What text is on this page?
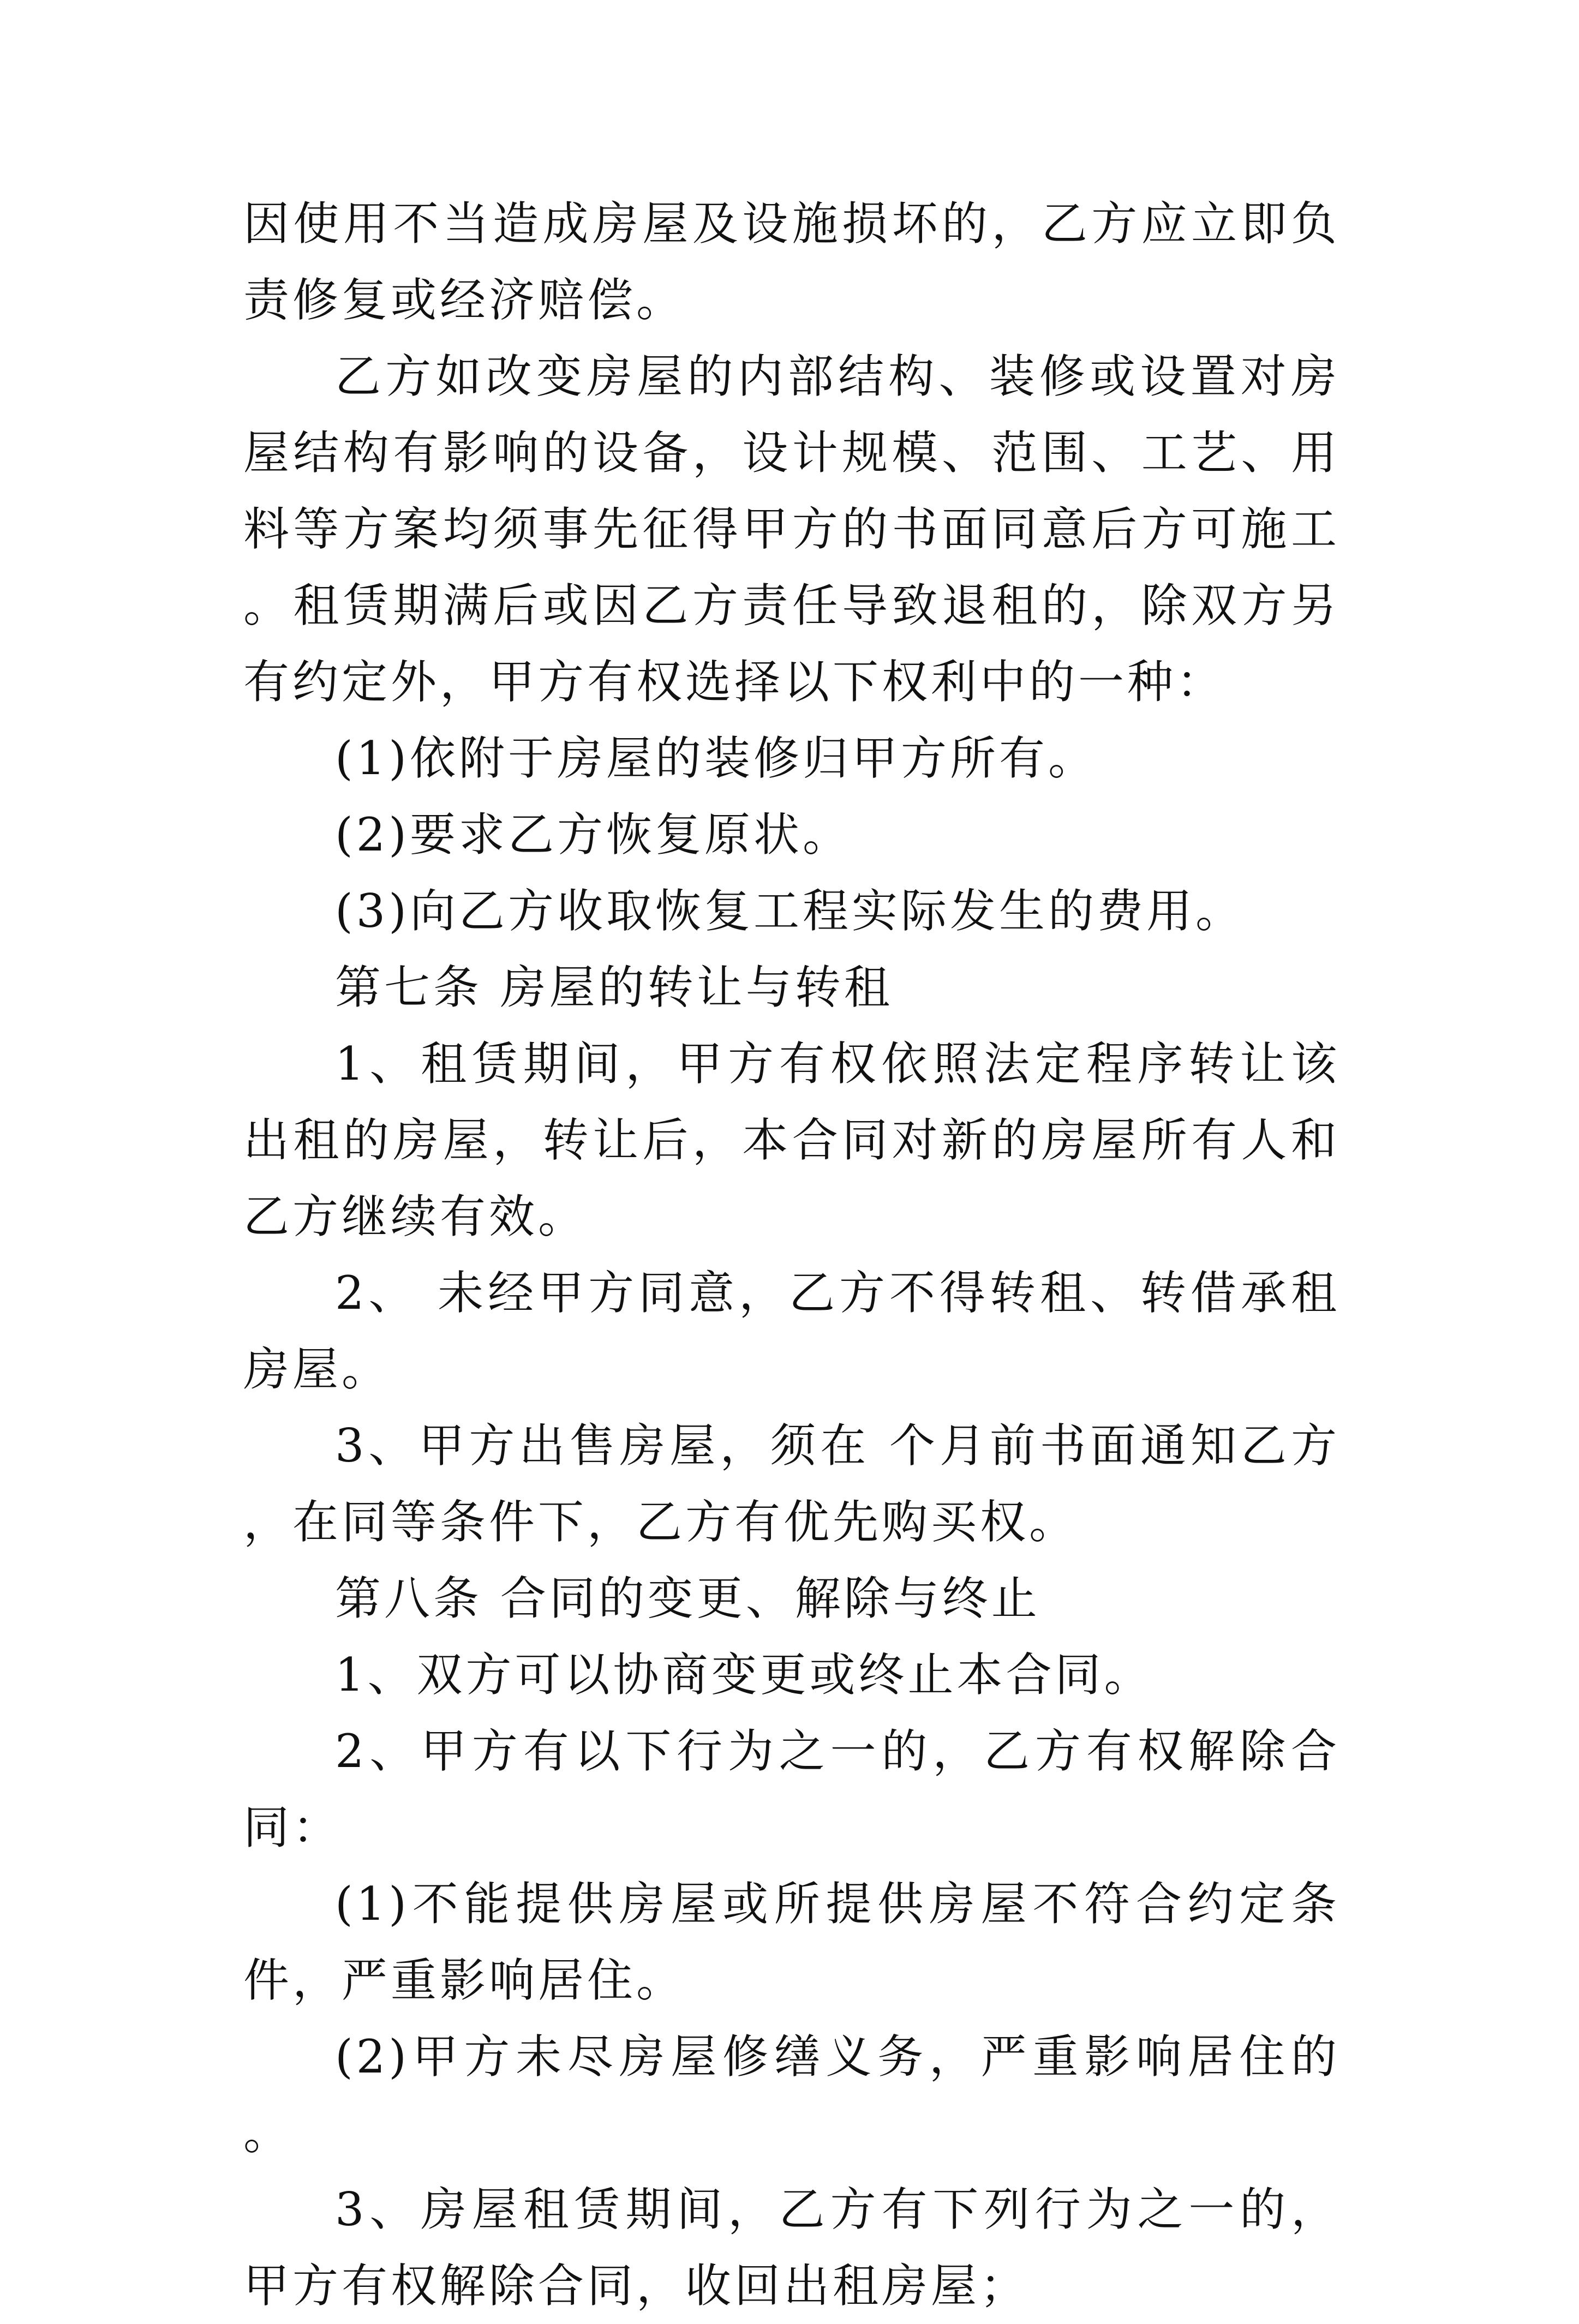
因使用不当造成房屋及设施损坏的，乙方应立即负责修复或经济赔偿。

乙方如改变房屋的内部结构、装修或设置对房屋结构有影响的设备，设计规模、范围、工艺、用料等方案均须事先征得甲方的书面同意后方可施工。租赁期满后或因乙方责任导致退租的，除双方另有约定外，甲方有权选择以下权利中的一种：

(1)依附于房屋的装修归甲方所有。

(2)要求乙方恢复原状。

(3)向乙方收取恢复工程实际发生的费用。

第七条 房屋的转让与转租

1、租赁期间，甲方有权依照法定程序转让该出租的房屋，转让后，本合同对新的房屋所有人和乙方继续有效。

2、 未经甲方同意，乙方不得转租、转借承租房屋。

3、甲方出售房屋，须在 个月前书面通知乙方，在同等条件下，乙方有优先购买权。

第八条 合同的变更、解除与终止

1、双方可以协商变更或终止本合同。

2、甲方有以下行为之一的，乙方有权解除合同：

(1)不能提供房屋或所提供房屋不符合约定条件，严重影响居住。

(2)甲方未尽房屋修缮义务，严重影响居住的。

3、房屋租赁期间，乙方有下列行为之一的，甲方有权解除合同，收回出租房屋；
